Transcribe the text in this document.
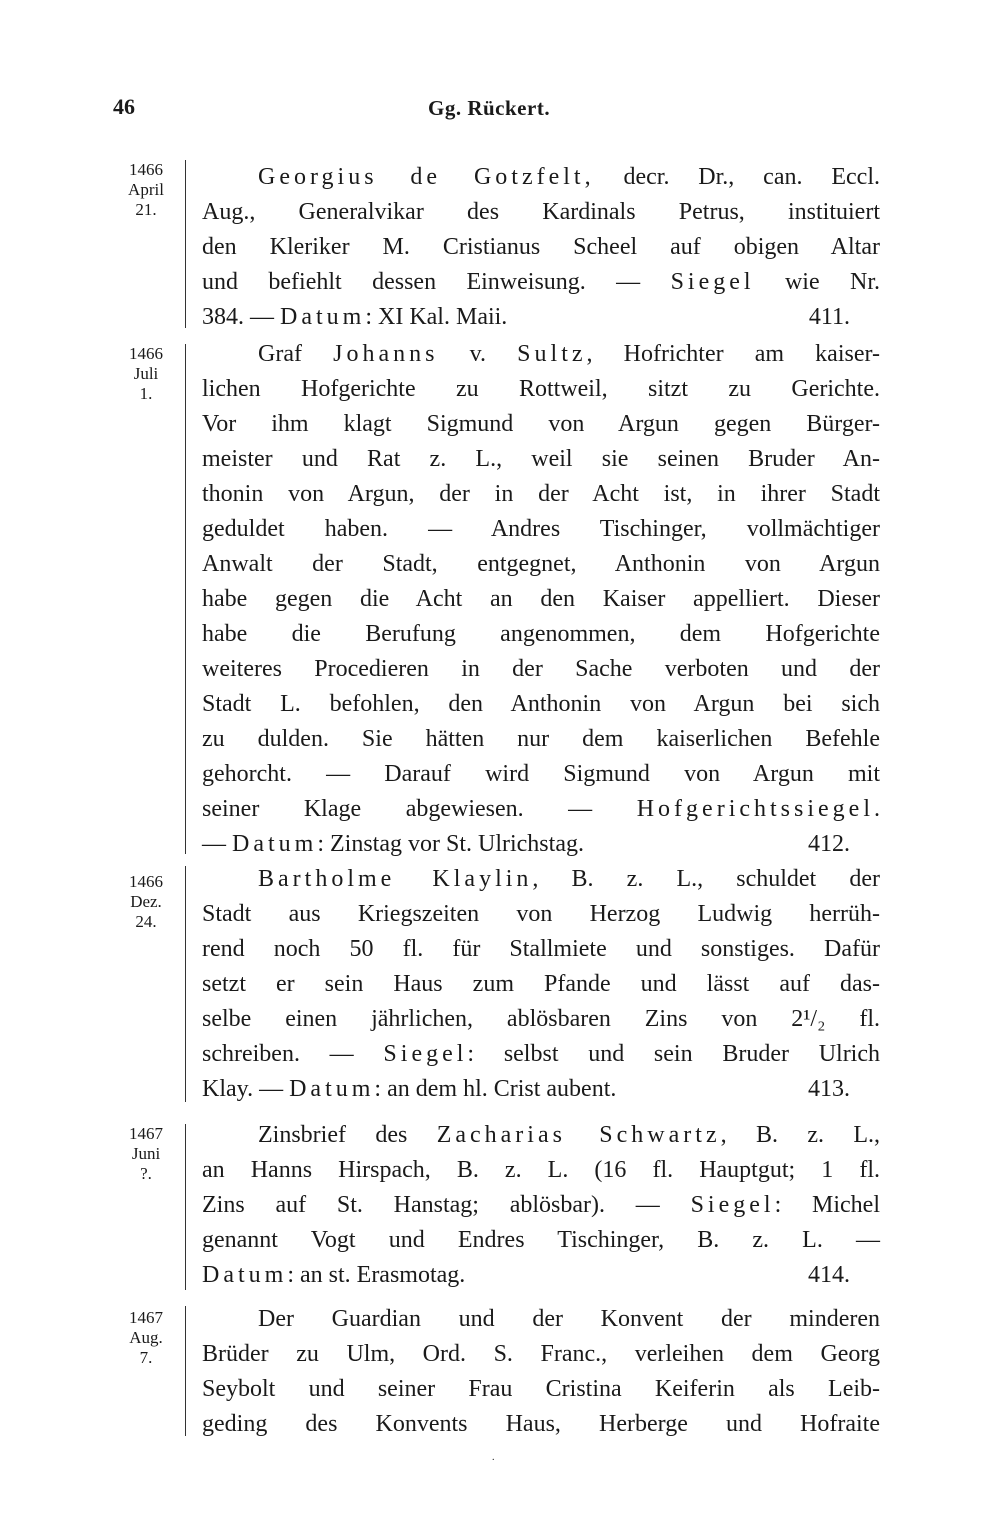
46	Gg. Rückert.
1466
April
21.
Georgius de Gotzfelt, decr. Dr., can. Eccl.
Aug., Generalvikar des Kardinals Petrus, instituiert
den Kleriker M. Cristianus Scheel auf obigen Altar
und befiehlt dessen Einweisung. — Siegel wie Nr.
384. — Datum: XI Kal. Maii.	411.
1466
Juli
1.
Graf Johanns v. Sultz, Hofrichter am kaiser-
lichen Hofgerichte zu Rottweil, sitzt zu Gerichte.
Vor ihm klagt Sigmund von Argun gegen Bürger-
meister und Rat z. L., weil sie seinen Bruder An-
thonin von Argun, der in der Acht ist, in ihrer Stadt
geduldet haben. — Andres Tischinger, vollmächtiger
Anwalt der Stadt, entgegnet, Anthonin von Argun
habe gegen die Acht an den Kaiser appelliert. Dieser
habe die Berufung angenommen, dem Hofgerichte
weiteres Procedieren in der Sache verboten und der
Stadt L. befohlen, den Anthonin von Argun bei sich
zu dulden. Sie hätten nur dem kaiserlichen Befehle
gehorcht. — Darauf wird Sigmund von Argun mit
seiner Klage abgewiesen. — Hofgerichtssiegel.
— Datum: Zinstag vor St. Ulrichstag.	412.
1466
Dez.
24.
Bartholme Klaylin, B. z. L., schuldet der
Stadt aus Kriegszeiten von Herzog Ludwig herrüh-
rend noch 50 fl. für Stallmiete und sonstiges. Dafür
setzt er sein Haus zum Pfande und lässt auf das-
selbe einen jährlichen, ablösbaren Zins von 2¹/₂ fl.
schreiben. — Siegel: selbst und sein Bruder Ulrich
Klay. — Datum: an dem hl. Crist aubent.	413.
1467
Juni
?.
Zinsbrief des Zacharias Schwartz, B. z. L.,
an Hanns Hirspach, B. z. L. (16 fl. Hauptgut; 1 fl.
Zins auf St. Hanstag; ablösbar). — Siegel: Michel
genannt Vogt und Endres Tischinger, B. z. L. —
Datum: an st. Erasmotag.	414.
1467
Aug.
7.
Der Guardian und der Konvent der minderen
Brüder zu Ulm, Ord. S. Franc., verleihen dem Georg
Seybolt und seiner Frau Cristina Keiferin als Leib-
geding des Konvents Haus, Herberge und Hofraite
.
